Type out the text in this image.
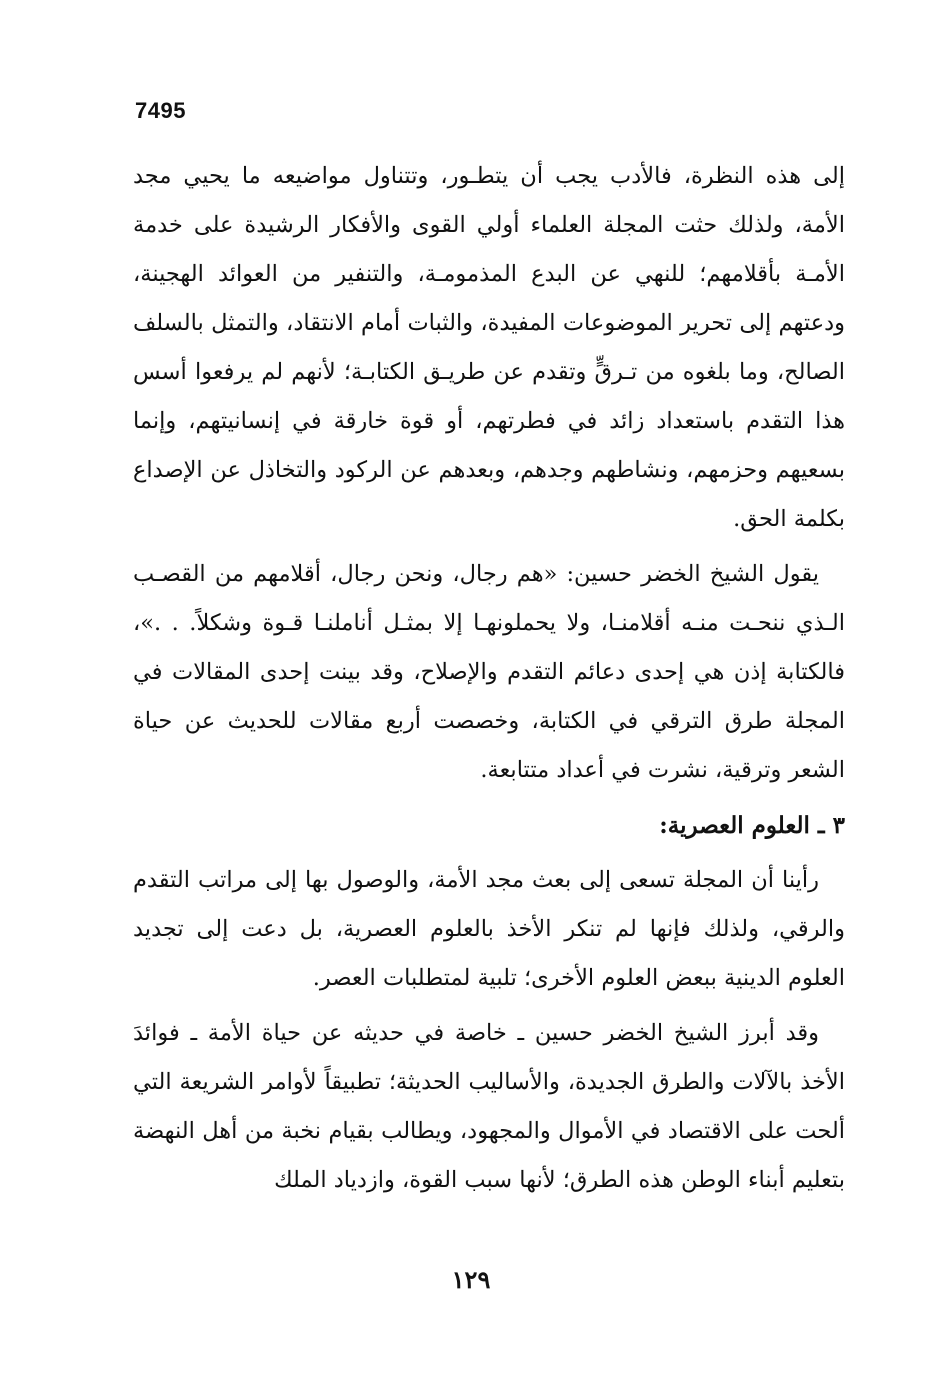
7495

إلى هذه النظرة، فالأدب يجب أن يتطـور، وتتناول مواضيعه ما يحيي مجد الأمة، ولذلك حثت المجلة العلماء أولي القوى والأفكار الرشيدة على خدمة الأمـة بأقلامهم؛ للنهي عن البدع المذمومـة، والتنفير من العوائد الهجينة، ودعتهم إلى تحرير الموضوعات المفيدة، والثبات أمام الانتقاد، والتمثل بالسلف الصالح، وما بلغوه من تـرقٍّ وتقدم عن طريـق الكتابـة؛ لأنهم لم يرفعوا أسس هذا التقدم باستعداد زائد في فطرتهم، أو قوة خارقة في إنسانيتهم، وإنما بسعيهم وحزمهم، ونشاطهم وجدهم، وبعدهم عن الركود والتخاذل عن الإصداع بكلمة الحق.

يقول الشيخ الخضر حسين: «هم رجال، ونحن رجال، أقلامهم من القصـب الـذي ننحـت منـه أقلامنـا، ولا يحملونهـا إلا بمثـل أناملنـا قـوة وشكلاً. . .»، فالكتابة إذن هي إحدى دعائم التقدم والإصلاح، وقد بينت إحدى المقالات في المجلة طرق الترقي في الكتابة، وخصصت أربع مقالات للحديث عن حياة الشعر وترقية، نشرت في أعداد متتابعة.

٣ ـ العلوم العصرية:

رأينا أن المجلة تسعى إلى بعث مجد الأمة، والوصول بها إلى مراتب التقدم والرقي، ولذلك فإنها لم تنكر الأخذ بالعلوم العصرية، بل دعت إلى تجديد العلوم الدينية ببعض العلوم الأخرى؛ تلبية لمتطلبات العصر.

وقد أبرز الشيخ الخضر حسين ـ خاصة في حديثه عن حياة الأمة ـ فوائدَ الأخذ بالآلات والطرق الجديدة، والأساليب الحديثة؛ تطبيقاً لأوامر الشريعة التي ألحت على الاقتصاد في الأموال والمجهود، ويطالب بقيام نخبة من أهل النهضة بتعليم أبناء الوطن هذه الطرق؛ لأنها سبب القوة، وازدياد الملك

١٢٩
